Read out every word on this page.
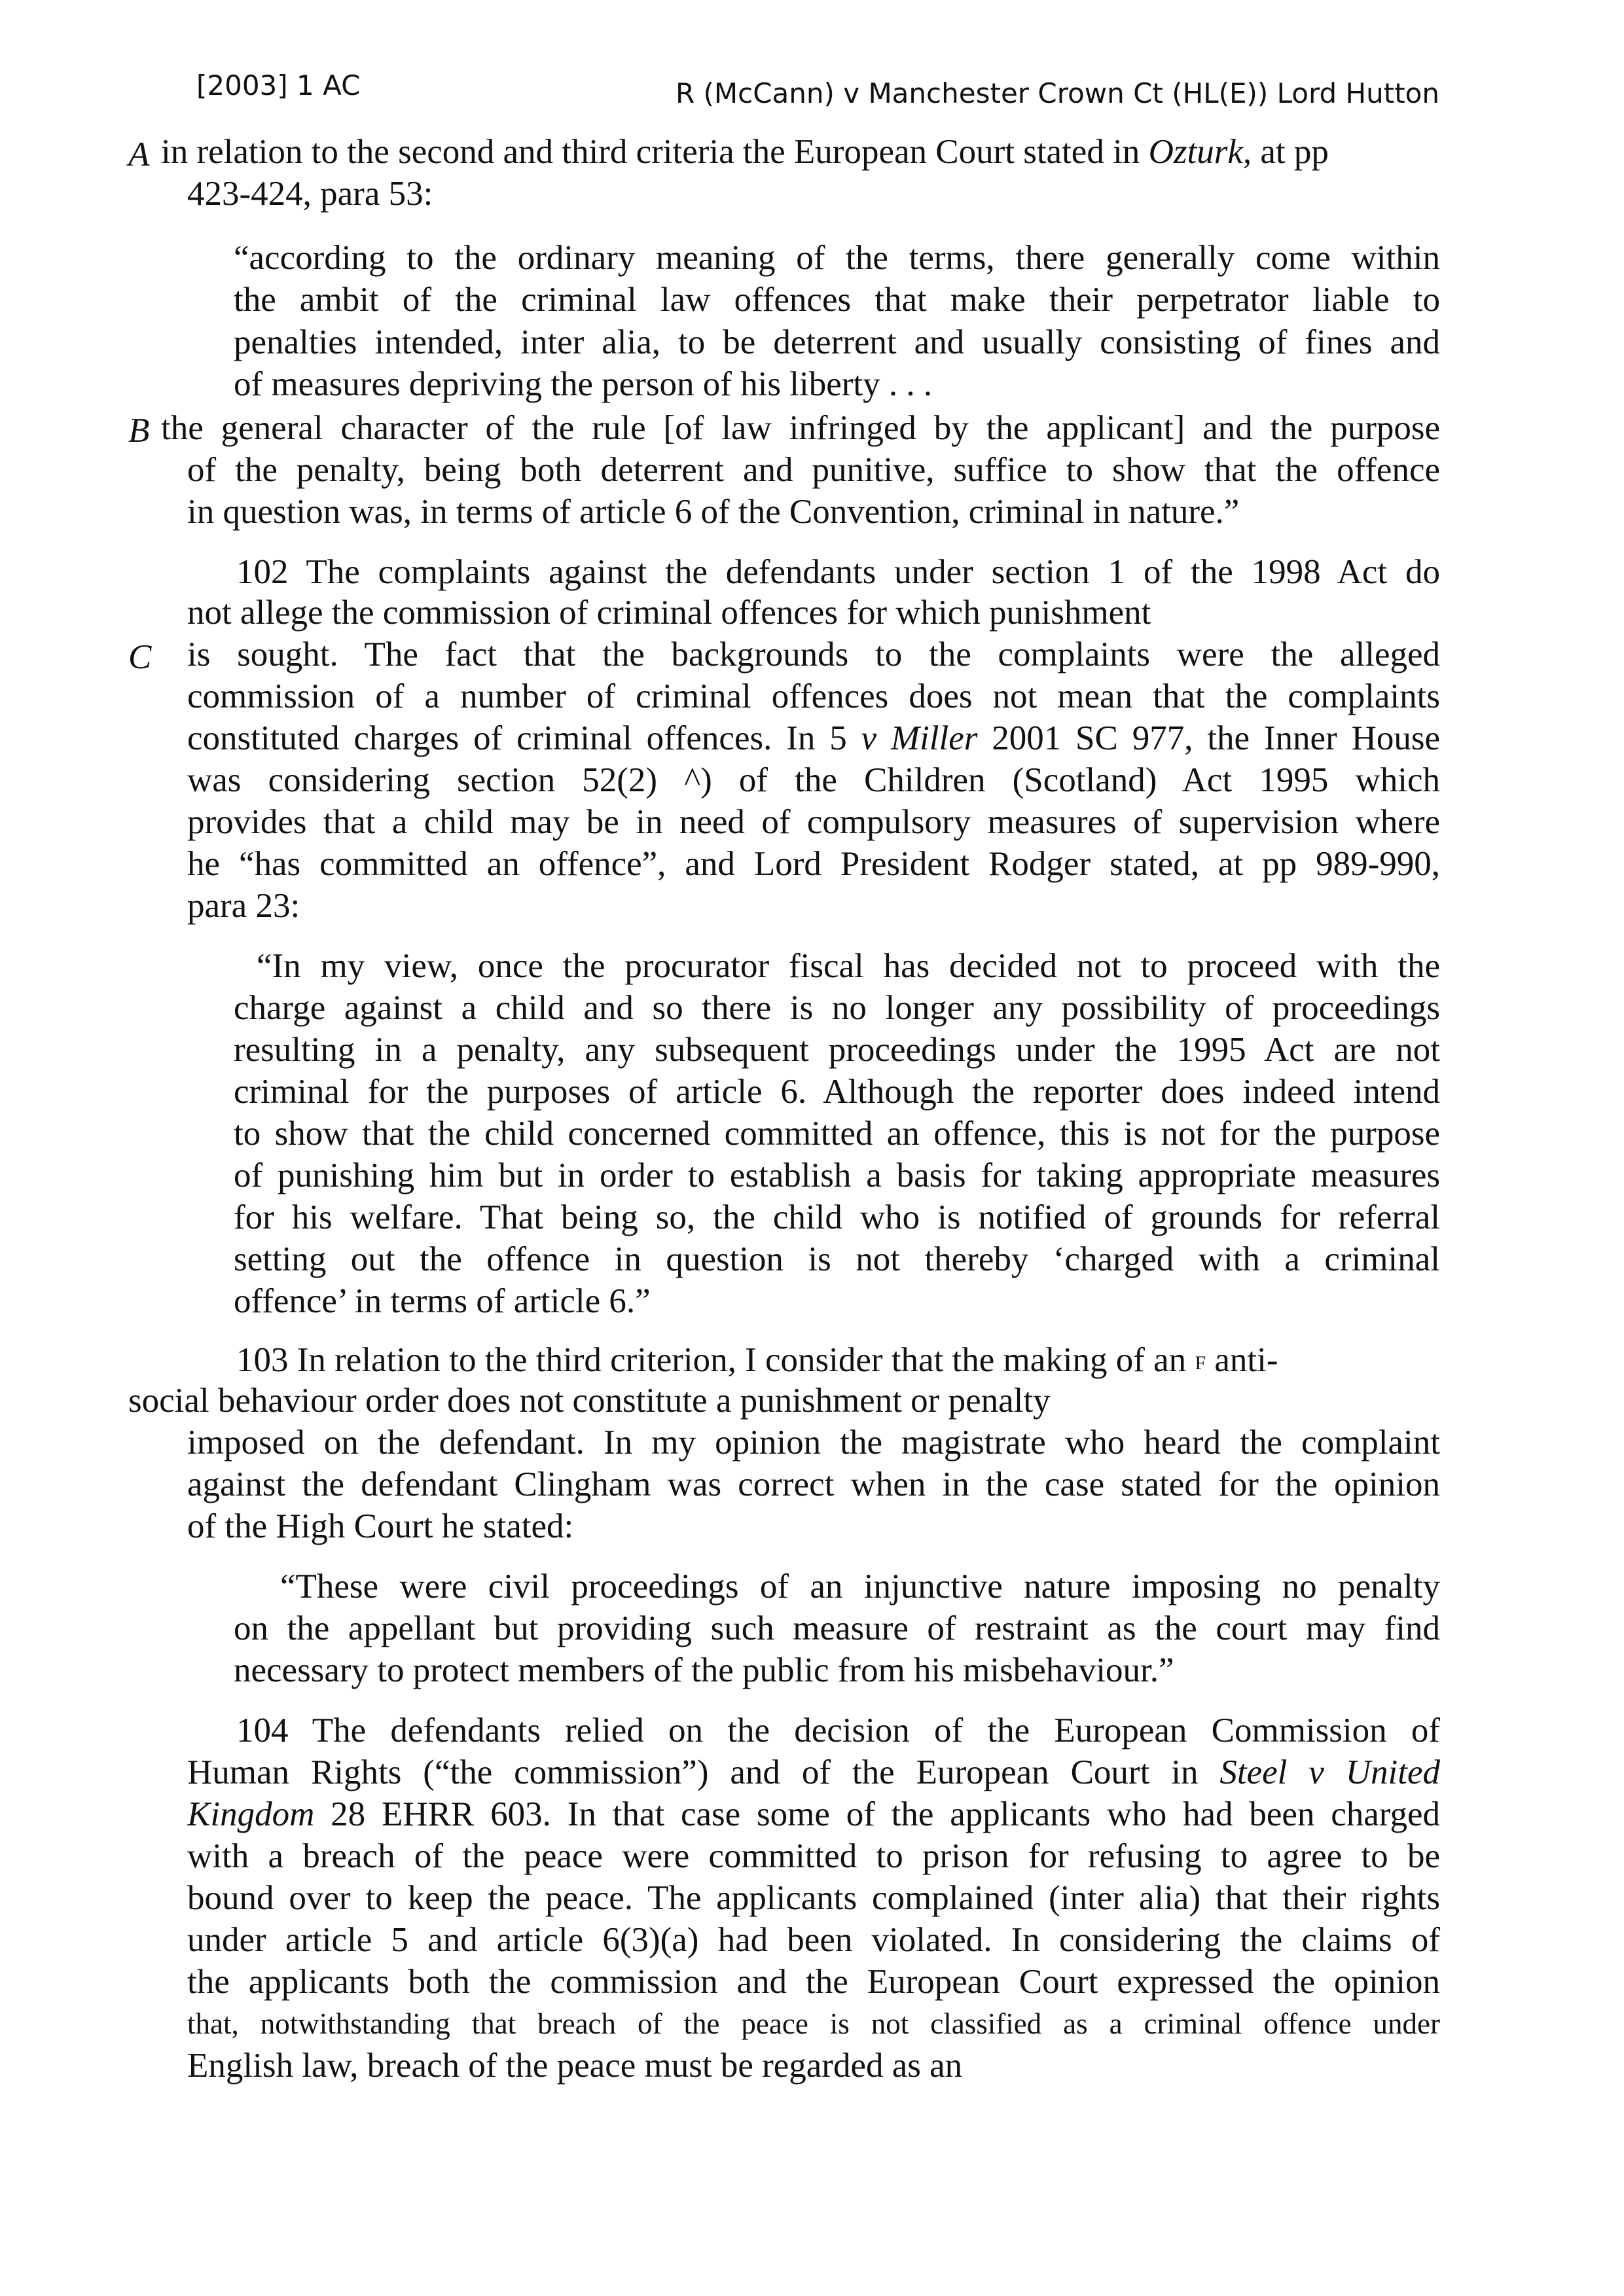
[2003] 1 AC	R (McCann) v Manchester Crown Ct (HL(E)) Lord Hutton
A
B
C
in relation to the second and third criteria the European Court stated in Ozturk, at pp
423-424, para 53:
“according to the ordinary meaning of the terms, there generally come within
the ambit of the criminal law offences that make their perpetrator liable to
penalties intended, inter alia, to be deterrent and usually consisting of fines and
of measures depriving the person of his liberty . . .
the general character of the rule [of law infringed by the applicant] and the purpose
of the penalty, being both deterrent and punitive, suffice to show that the offence
in question was, in terms of article 6 of the Convention, criminal in nature.”
102 The complaints against the defendants under section 1 of the 1998 Act do
not allege the commission of criminal offences for which punishment
is sought. The fact that the backgrounds to the complaints were the alleged
commission of a number of criminal offences does not mean that the complaints
constituted charges of criminal offences. In 5 v Miller 2001 SC 977, the Inner House
was considering section 52(2) ^) of the Children (Scotland) Act 1995 which
provides that a child may be in need of compulsory measures of supervision where
he “has committed an offence”, and Lord President Rodger stated, at pp 989-990,
para 23:
“In my view, once the procurator fiscal has decided not to proceed with the
charge against a child and so there is no longer any possibility of proceedings
resulting in a penalty, any subsequent proceedings under the 1995 Act are not
criminal for the purposes of article 6. Although the reporter does indeed intend
to show that the child concerned committed an offence, this is not for the purpose
of punishing him but in order to establish a basis for taking appropriate measures
for his welfare. That being so, the child who is notified of grounds for referral
setting out the offence in question is not thereby ‘charged with a criminal
offence’ in terms of article 6.”
103 In relation to the third criterion, I consider that the making of an F anti-
social behaviour order does not constitute a punishment or penalty
imposed on the defendant. In my opinion the magistrate who heard the complaint
against the defendant Clingham was correct when in the case stated for the opinion
of the High Court he stated:
“These were civil proceedings of an injunctive nature imposing no penalty
on the appellant but providing such measure of restraint as the court may find
necessary to protect members of the public from his misbehaviour.”
104 The defendants relied on the decision of the European Commission of
Human Rights (“the commission”) and of the European Court in Steel v United
Kingdom 28 EHRR 603. In that case some of the applicants who had been charged
with a breach of the peace were committed to prison for refusing to agree to be
bound over to keep the peace. The applicants complained (inter alia) that their rights
under article 5 and article 6(3)(a) had been violated. In considering the claims of
the applicants both the commission and the European Court expressed the opinion
that, notwithstanding that breach of the peace is not classified as a criminal offence under
English law, breach of the peace must be regarded as an
